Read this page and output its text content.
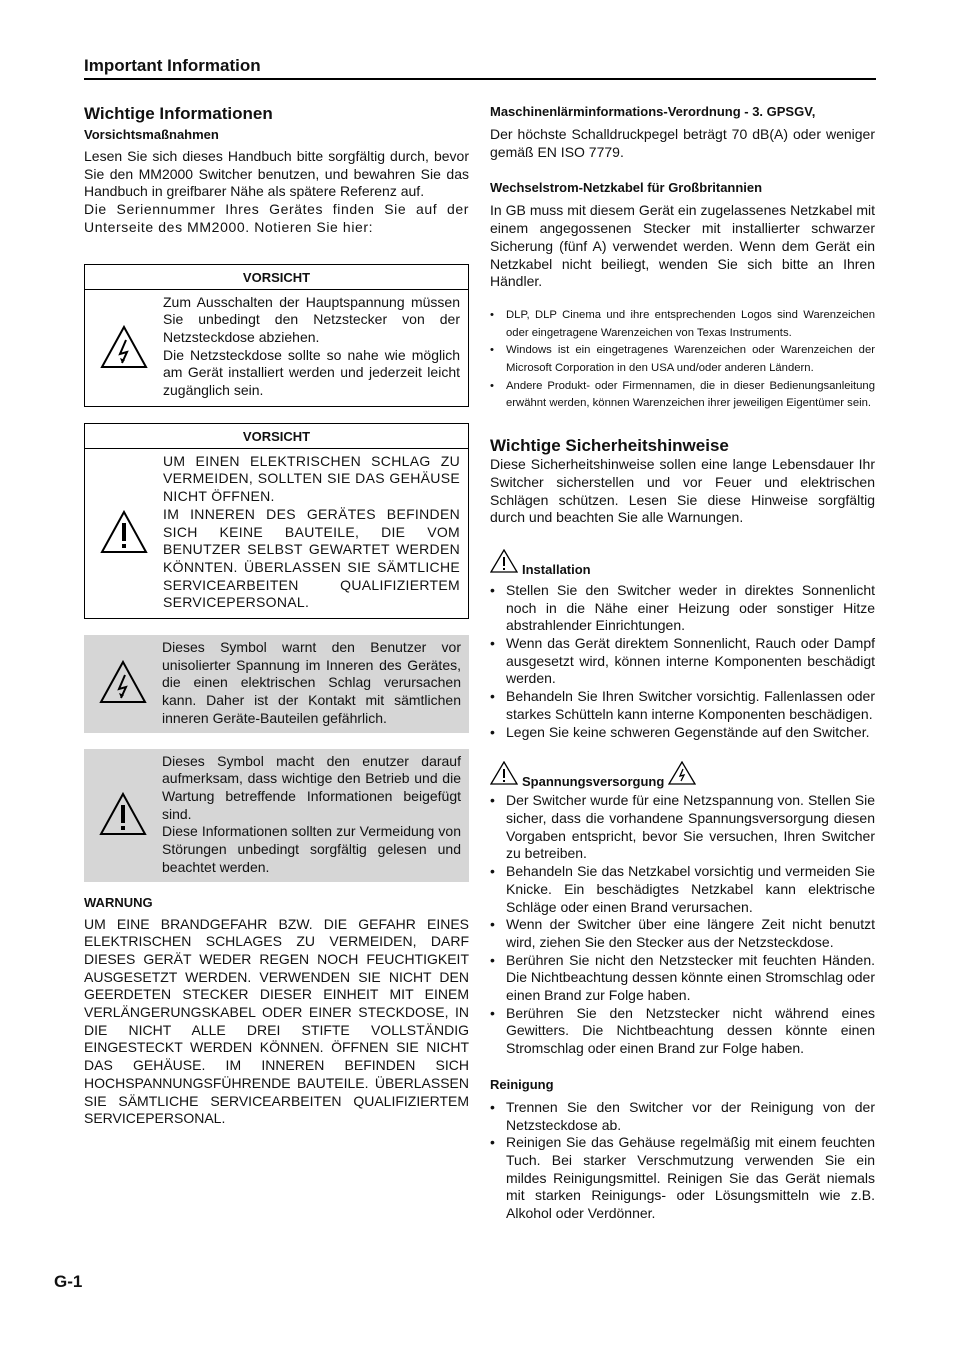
Important Information
Wichtige Informationen
Vorsichtsmaßnahmen

Lesen Sie sich dieses Handbuch bitte sorgfältig durch, bevor Sie den MM2000 Switcher benutzen, und bewahren Sie das Handbuch in greifbarer Nähe als spätere Referenz auf.

Die Seriennummer Ihres Gerätes finden Sie auf der Unterseite des MM2000. Notieren Sie hier:

VORSICHT

Zum Ausschalten der Hauptspannung müssen Sie unbedingt den Netzstecker von der Netzsteckdose abziehen.

Die Netzsteckdose sollte so nahe wie möglich am Gerät installiert werden und jederzeit leicht zugänglich sein.

VORSICHT

UM EINEN ELEKTRISCHEN SCHLAG ZU VERMEIDEN, SOLLTEN SIE DAS GEHÄUSE NICHT ÖFFNEN.

IM INNEREN DES GERÄTES BEFINDEN SICH KEINE BAUTEILE, DIE VOM BENUTZER SELBST GEWARTET WERDEN KÖNNTEN. ÜBERLASSEN SIE SÄMTLICHE SERVICEARBEITEN QUALIFIZIERTEM SERVICEPERSONAL.

Dieses Symbol warnt den Benutzer vor unisolierter Spannung im Inneren des Gerätes, die einen elektrischen Schlag verursachen kann. Daher ist der Kontakt mit sämtlichen inneren Geräte-Bauteilen gefährlich.

Dieses Symbol macht den enutzer darauf aufmerksam, dass wichtige den Betrieb und die Wartung betreffende Informationen beigefügt sind.

Diese Informationen sollten zur Vermeidung von Störungen unbedingt sorgfältig gelesen und beachtet werden.

WARNUNG

UM EINE BRANDGEFAHR BZW. DIE GEFAHR EINES ELEKTRISCHEN SCHLAGES ZU VERMEIDEN, DARF DIESES GERÄT WEDER REGEN NOCH FEUCHTIGKEIT AUSGESETZT WERDEN. VERWENDEN SIE NICHT DEN GEERDETEN STECKER DIESER EINHEIT MIT EINEM VERLÄNGERUNGSKABEL ODER EINER STECKDOSE, IN DIE NICHT ALLE DREI STIFTE VOLLSTÄNDIG EINGESTECKT WERDEN KÖNNEN. ÖFFNEN SIE NICHT DAS GEHÄUSE. IM INNEREN BEFINDEN SICH HOCHSPANNUNGSFÜHRENDE BAUTEILE. ÜBERLASSEN SIE SÄMTLICHE SERVICEARBEITEN QUALIFIZIERTEM SERVICEPERSONAL.

Maschinenlärminformations-Verordnung - 3. GPSGV,

Der höchste Schalldruckpegel beträgt 70 dB(A) oder weniger gemäß EN ISO 7779.

Wechselstrom-Netzkabel für Großbritannien

In GB muss mit diesem Gerät ein zugelassenes Netzkabel mit einem angegossenen Stecker mit installierter schwarzer Sicherung (fünf A) verwendet werden. Wenn dem Gerät ein Netzkabel nicht beiliegt, wenden Sie sich bitte an Ihren Händler.

• DLP, DLP Cinema und ihre entsprechenden Logos sind Warenzeichen oder eingetragene Warenzeichen von Texas Instruments.
• Windows ist ein eingetragenes Warenzeichen oder Warenzeichen der Microsoft Corporation in den USA und/oder anderen Ländern.
• Andere Produkt- oder Firmennamen, die in dieser Bedienungsanleitung erwähnt werden, können Warenzeichen ihrer jeweiligen Eigentümer sein.
Wichtige Sicherheitshinweise

Diese Sicherheitshinweise sollen eine lange Lebensdauer Ihr Switcher sicherstellen und vor Feuer und elektrischen Schlägen schützen. Lesen Sie diese Hinweise sorgfältig durch und beachten Sie alle Warnungen.

Installation
• Stellen Sie den Switcher weder in direktes Sonnenlicht noch in die Nähe einer Heizung oder sonstiger Hitze abstrahlender Einrichtungen.
• Wenn das Gerät direktem Sonnenlicht, Rauch oder Dampf ausgesetzt wird, können interne Komponenten beschädigt werden.
• Behandeln Sie Ihren Switcher vorsichtig. Fallenlassen oder starkes Schütteln kann interne Komponenten beschädigen.
• Legen Sie keine schweren Gegenstände auf den Switcher.
Spannungsversorgung
• Der Switcher wurde für eine Netzspannung von. Stellen Sie sicher, dass die vorhandene Spannungsversorgung diesen Vorgaben entspricht, bevor Sie versuchen, Ihren Switcher zu betreiben.
• Behandeln Sie das Netzkabel vorsichtig und vermeiden Sie Knicke. Ein beschädigtes Netzkabel kann elektrische Schläge oder einen Brand verursachen.
• Wenn der Switcher über eine längere Zeit nicht benutzt wird, ziehen Sie den Stecker aus der Netzsteckdose.
• Berühren Sie nicht den Netzstecker mit feuchten Händen. Die Nichtbeachtung dessen könnte einen Stromschlag oder einen Brand zur Folge haben.
• Berühren Sie den Netzstecker nicht während eines Gewitters. Die Nichtbeachtung dessen könnte einen Stromschlag oder einen Brand zur Folge haben.
Reinigung
• Trennen Sie den Switcher vor der Reinigung von der Netzsteckdose ab.
• Reinigen Sie das Gehäuse regelmäßig mit einem feuchten Tuch. Bei starker Verschmutzung verwenden Sie ein mildes Reinigungsmittel. Reinigen Sie das Gerät niemals mit starken Reinigungs- oder Lösungsmitteln wie z.B. Alkohol oder Verdönner.
G-1
